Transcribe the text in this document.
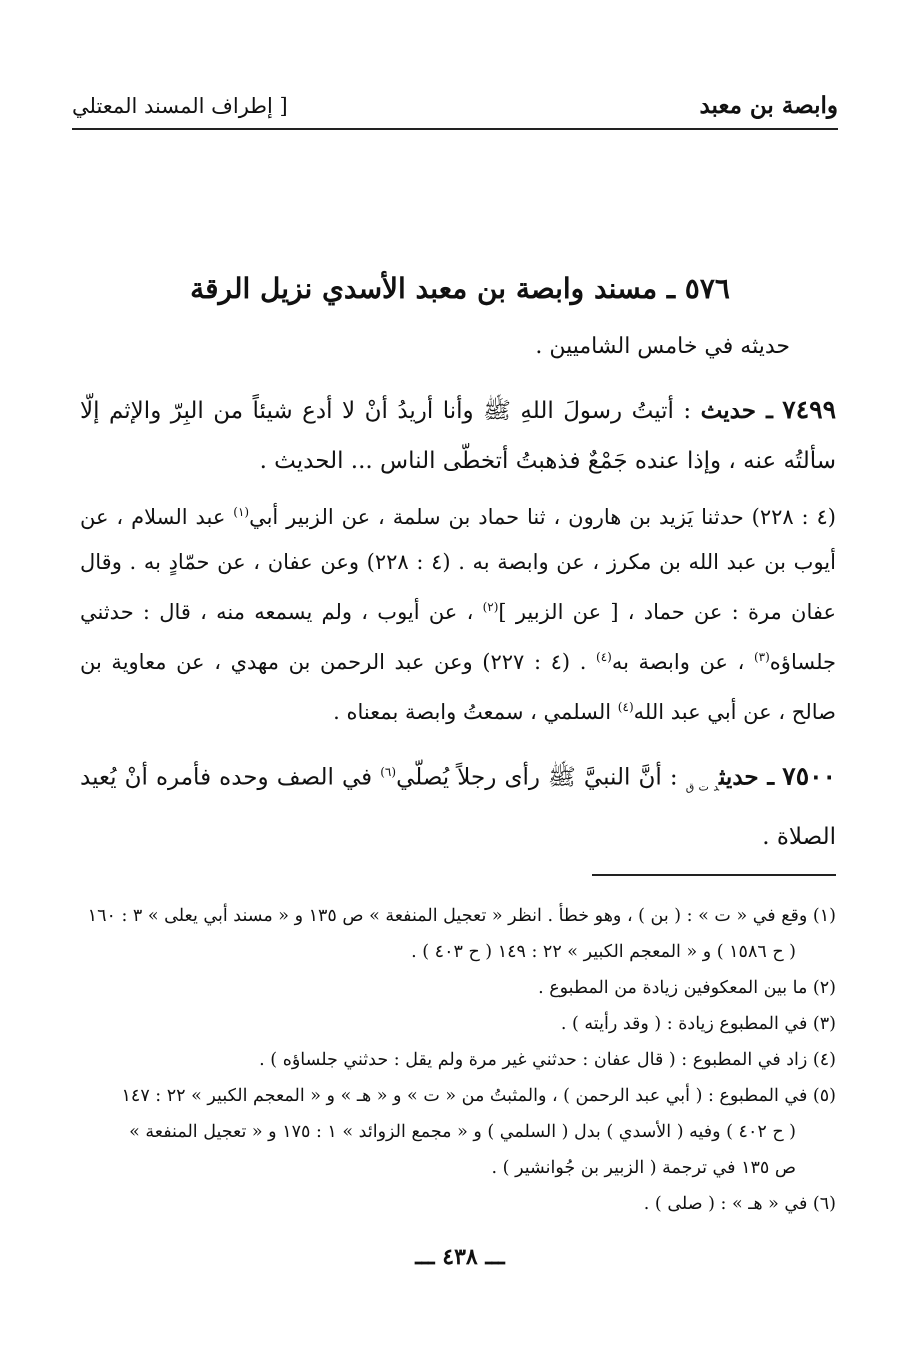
وابصة بن معبد
[ إطراف المسند المعتلي
٥٧٦ ـ مسند وابصة بن معبد الأسدي نزيل الرقة
حديثه في خامس الشاميين .
٧٤٩٩ ـ حديث : أتيتُ رسولَ اللهِ ﷺ وأنا أريدُ أنْ لا أدع شيئاً من البِرّ والإثم إلّا سألتُه عنه ، وإذا عنده جَمْعٌ فذهبتُ أتخطّى الناس ... الحديث .
(٤ : ٢٢٨) حدثنا يَزيد بن هارون ، ثنا حماد بن سلمة ، عن الزبير أبي$^{(١)}$ عبد السلام ، عن أيوب بن عبد الله بن مكرز ، عن وابصة به . (٤ : ٢٢٨) وعن عفان ، عن حمّادٍ به . وقال عفان مرة : عن حماد ، [ عن الزبير ]$^{(٢)}$ ، عن أيوب ، ولم يسمعه منه ، قال : حدثني جلساؤه$^{(٣)}$ ، عن وابصة به$^{(٤)}$ . (٤ : ٢٢٧) وعن عبد الرحمن بن مهدي ، عن معاوية بن صالح ، عن أبي عبد الله$^{(٤)}$ السلمي ، سمعتُ وابصة بمعناه .
٧٥٠٠ ـ حديث$_{د ت ق}$ : أنَّ النبيَّ ﷺ رأى رجلاً يُصلّي$^{(٦)}$ في الصف وحده فأمره أنْ يُعيد الصلاة .

(١) وقع في « ت » : ( بن ) ، وهو خطأ . انظر « تعجيل المنفعة » ص ١٣٥ و « مسند أبي يعلى » ٣ : ١٦٠

( ح ١٥٨٦ ) و « المعجم الكبير » ٢٢ : ١٤٩ ( ح ٤٠٣ ) .

(٢) ما بين المعكوفين زيادة من المطبوع .

(٣) في المطبوع زيادة : ( وقد رأيته ) .

(٤) زاد في المطبوع : ( قال عفان : حدثني غير مرة ولم يقل : حدثني جلساؤه ) .

(٥) في المطبوع : ( أبي عبد الرحمن ) ، والمثبتُ من « ت » و « هـ » و « المعجم الكبير » ٢٢ : ١٤٧

( ح ٤٠٢ ) وفيه ( الأسدي ) بدل ( السلمي ) و « مجمع الزوائد » ١ : ١٧٥ و « تعجيل المنفعة »

ص ١٣٥ في ترجمة ( الزبير بن جُوانشير ) .

(٦) في « هـ » : ( صلى ) .

ـــ ٤٣٨ ـــ
